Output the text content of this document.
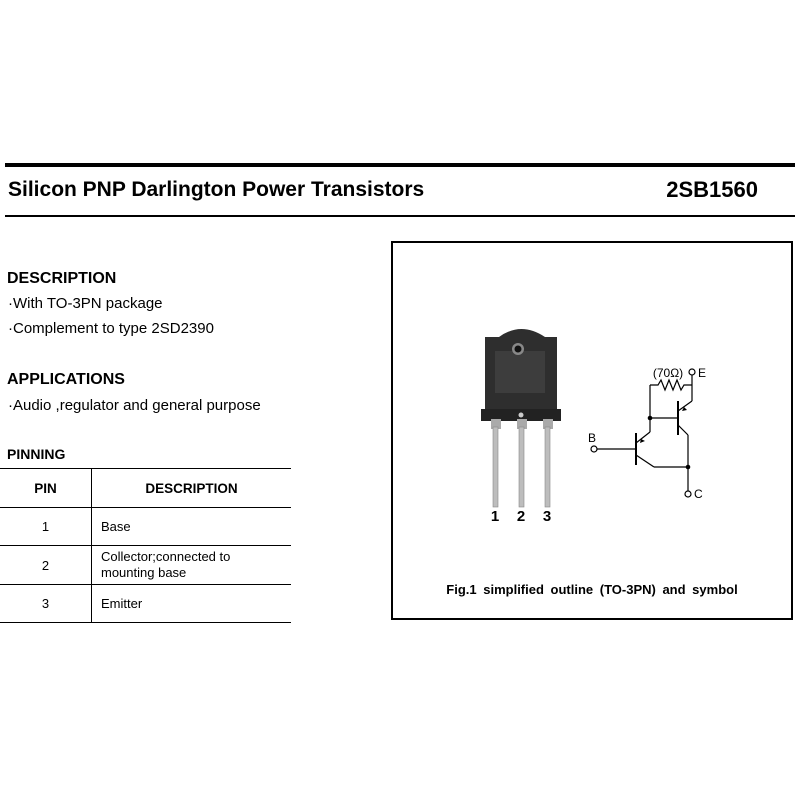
Silicon PNP Darlington Power Transistors	2SB1560
DESCRIPTION
·With TO-3PN package
·Complement to type 2SD2390
APPLICATIONS
·Audio ,regulator and general purpose
PINNING
PIN	DESCRIPTION
1	Base
2	Collector;connected to
mounting base
3	Emitter
1 2 3
(70Ω) E
B
C
Fig.1 simplified outline (TO-3PN) and symbol
